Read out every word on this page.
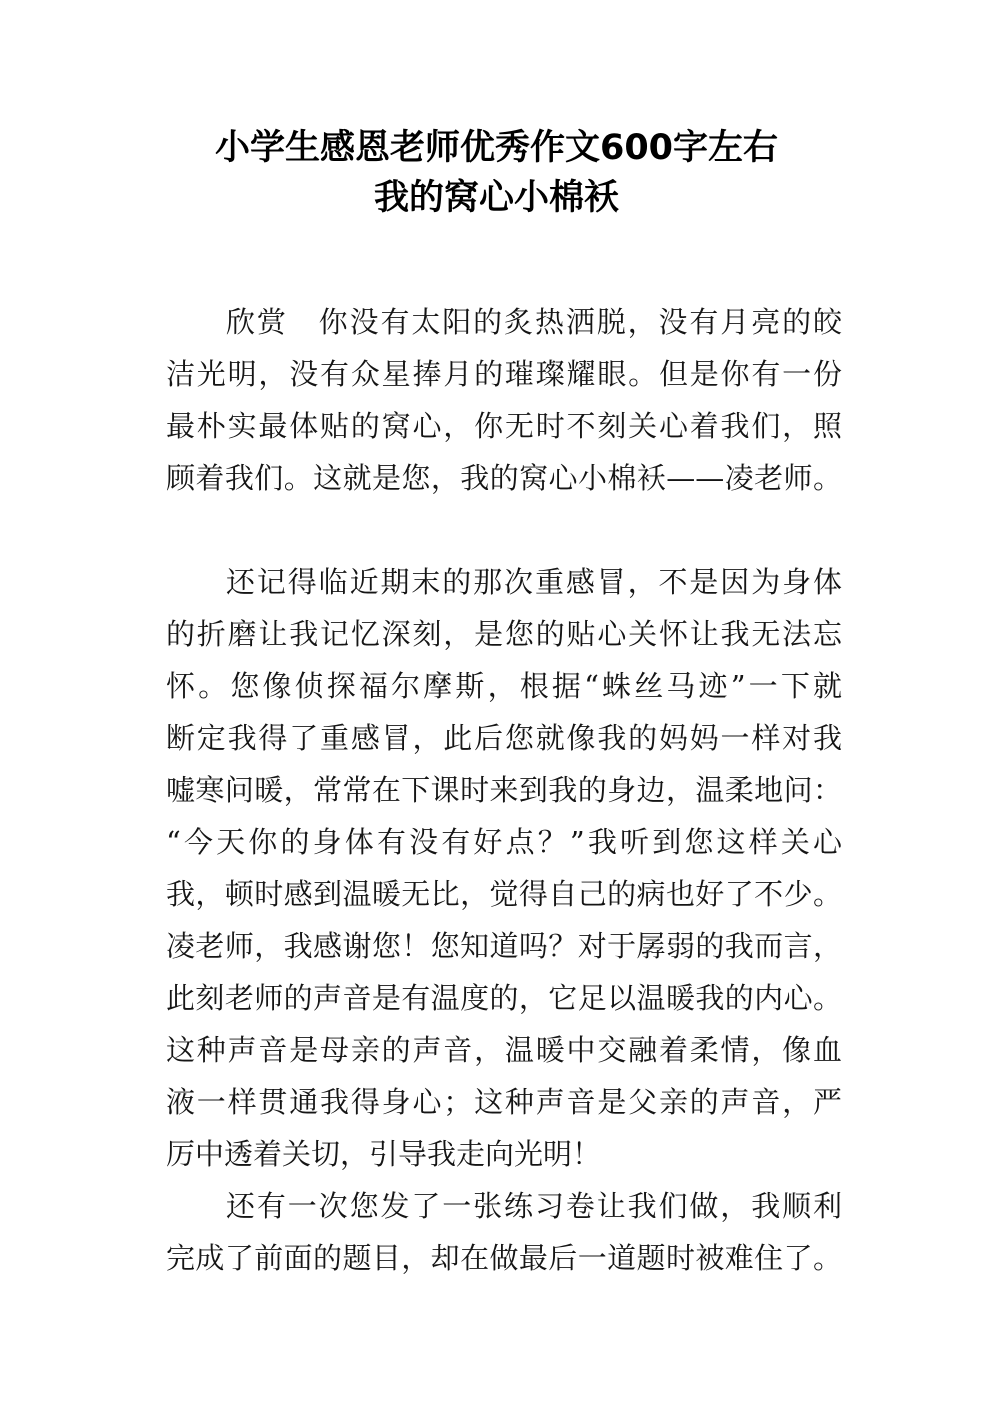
小学生感恩老师优秀作文600字左右
我的窝心小棉袄
欣赏　你没有太阳的炙热洒脱，没有月亮的皎
洁光明，没有众星捧月的璀璨耀眼。但是你有一份
最朴实最体贴的窝心，你无时不刻关心着我们，照
顾着我们。这就是您，我的窝心小棉袄——凌老师。
还记得临近期末的那次重感冒，不是因为身体
的折磨让我记忆深刻，是您的贴心关怀让我无法忘
怀。您像侦探福尔摩斯，根据“蛛丝马迹”一下就
断定我得了重感冒，此后您就像我的妈妈一样对我
嘘寒问暖，常常在下课时来到我的身边，温柔地问：
“今天你的身体有没有好点？”我听到您这样关心
我，顿时感到温暖无比，觉得自己的病也好了不少。
凌老师，我感谢您！您知道吗？对于孱弱的我而言，
此刻老师的声音是有温度的，它足以温暖我的内心。
这种声音是母亲的声音，温暖中交融着柔情，像血
液一样贯通我得身心；这种声音是父亲的声音，严
厉中透着关切，引导我走向光明！
还有一次您发了一张练习卷让我们做，我顺利
完成了前面的题目，却在做最后一道题时被难住了。
